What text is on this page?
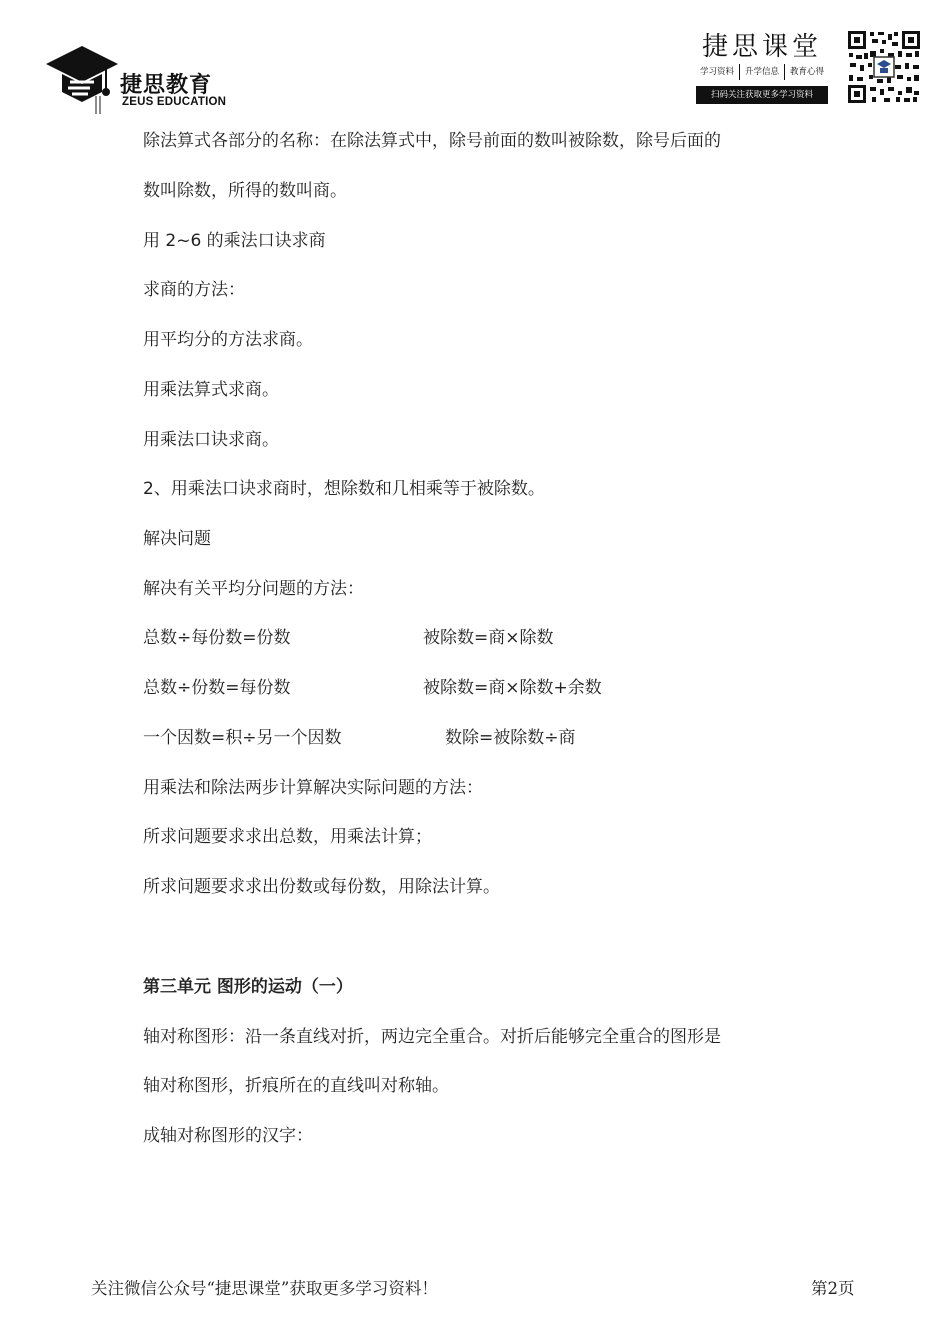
捷思教育
ZEUS EDUCATION
捷思课堂
学习资料	升学信息	教育心得
扫码关注获取更多学习资料
除法算式各部分的名称：在除法算式中，除号前面的数叫被除数，除号后面的
数叫除数，所得的数叫商。
用 2~6 的乘法口诀求商
求商的方法：
用平均分的方法求商。
用乘法算式求商。
用乘法口诀求商。
2、用乘法口诀求商时，想除数和几相乘等于被除数。
解决问题
解决有关平均分问题的方法：
总数÷每份数=份数	被除数=商×除数
总数÷份数=每份数	被除数=商×除数+余数
一个因数=积÷另一个因数	数除=被除数÷商
用乘法和除法两步计算解决实际问题的方法：
所求问题要求求出总数，用乘法计算；
所求问题要求求出份数或每份数，用除法计算。
第三单元 图形的运动（一）
轴对称图形：沿一条直线对折，两边完全重合。对折后能够完全重合的图形是
轴对称图形，折痕所在的直线叫对称轴。
成轴对称图形的汉字：
关注微信公众号“捷思课堂”获取更多学习资料！	第2页
